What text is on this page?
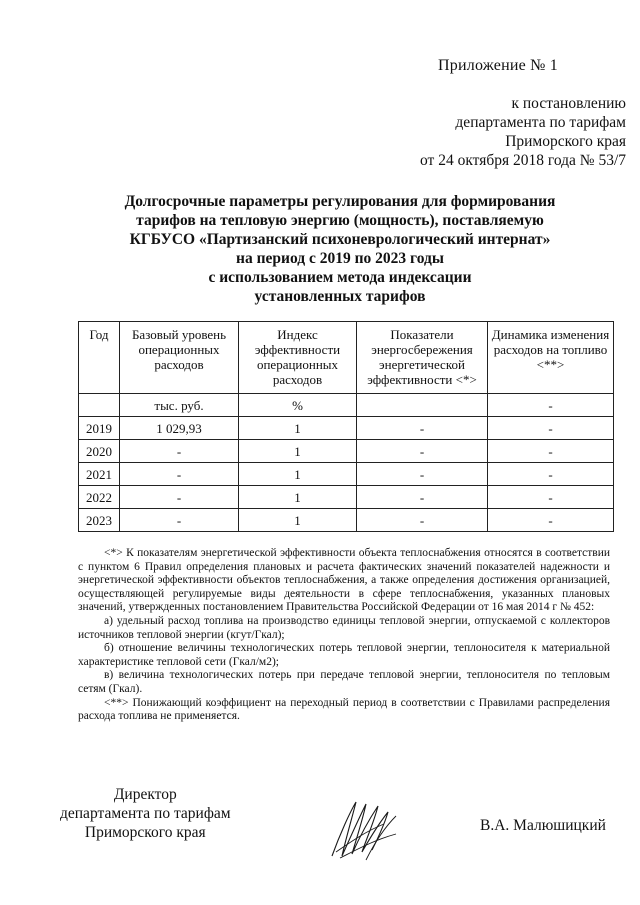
Приложение № 1
к постановлению
департамента по тарифам
Приморского края
от 24 октября 2018 года № 53/7
Долгосрочные параметры регулирования для формирования
тарифов на тепловую энергию (мощность), поставляемую
КГБУСО «Партизанский психоневрологический интернат»
на период с 2019 по 2023 годы
с использованием метода индексации
установленных тарифов
Год	Базовый уровень операционных расходов	Индекс эффективности операционных расходов	Показатели энергосбережения энергетической эффективности <*>	Динамика изменения расходов на топливо <**>
	тыс. руб.	%		-
2019	1 029,93	1	-	-
2020	-	1	-	-
2021	-	1	-	-
2022	-	1	-	-
2023	-	1	-	-

<*> К показателям энергетической эффективности объекта теплоснабжения относятся в соответствии с пунктом 6 Правил определения плановых и расчета фактических значений показателей надежности и энергетической эффективности объектов теплоснабжения, а также определения достижения организацией, осуществляющей регулируемые виды деятельности в сфере теплоснабжения, указанных плановых значений, утвержденных постановлением Правительства Российской Федерации от 16 мая 2014 г № 452:

а) удельный расход топлива на производство единицы тепловой энергии, отпускаемой с коллекторов источников тепловой энергии (кгут/Гкал);

б) отношение величины технологических потерь тепловой энергии, теплоносителя к материальной характеристике тепловой сети (Гкал/м2);

в) величина технологических потерь при передаче тепловой энергии, теплоносителя по тепловым сетям (Гкал).

<**> Понижающий коэффициент на переходный период в соответствии с Правилами распределения расхода топлива не применяется.

Директор
департамента по тарифам
Приморского края	В.А. Малюшицкий
